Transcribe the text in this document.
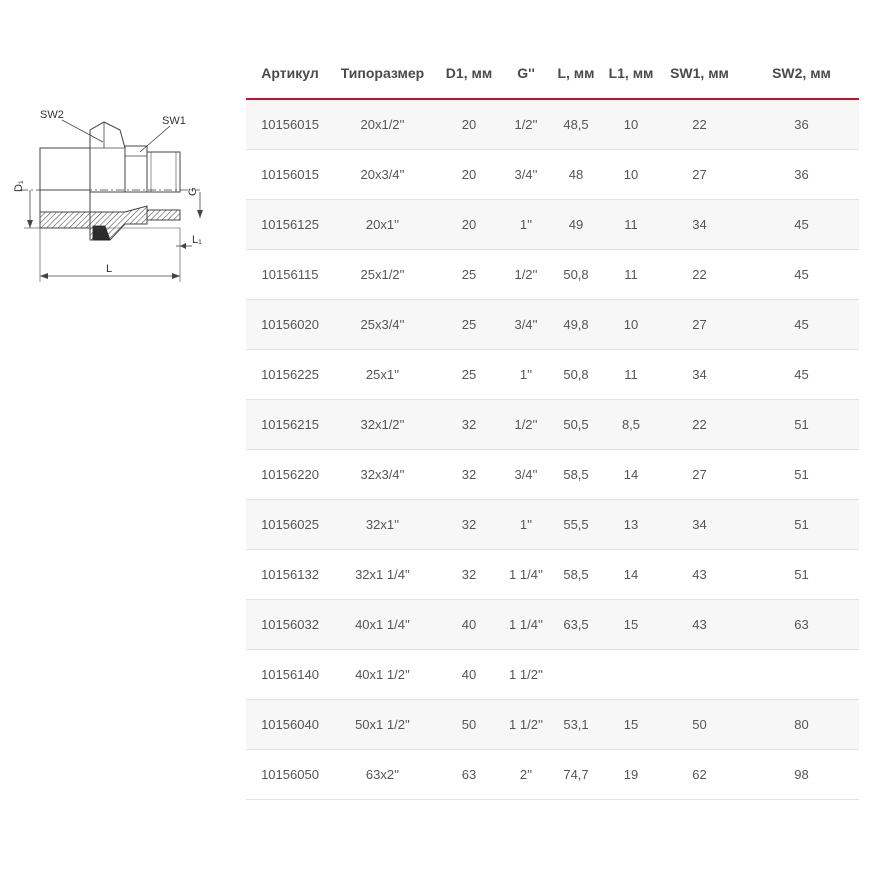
SW2	SW1
D₁	G
L₁
L
Артикул	Типоразмер	D1, мм	G''	L, мм	L1, мм	SW1, мм	SW2, мм
10156015	20x1/2''	20	1/2''	48,5	10	22	36
10156015	20x3/4''	20	3/4''	48	10	27	36
10156125	20x1''	20	1''	49	11	34	45
10156115	25x1/2''	25	1/2''	50,8	11	22	45
10156020	25x3/4''	25	3/4''	49,8	10	27	45
10156225	25x1''	25	1''	50,8	11	34	45
10156215	32x1/2''	32	1/2''	50,5	8,5	22	51
10156220	32x3/4''	32	3/4''	58,5	14	27	51
10156025	32x1''	32	1''	55,5	13	34	51
10156132	32x1 1/4''	32	1 1/4''	58,5	14	43	51
10156032	40x1 1/4''	40	1 1/4''	63,5	15	43	63
10156140	40x1 1/2''	40	1 1/2''				
10156040	50x1 1/2''	50	1 1/2''	53,1	15	50	80
10156050	63x2''	63	2''	74,7	19	62	98
